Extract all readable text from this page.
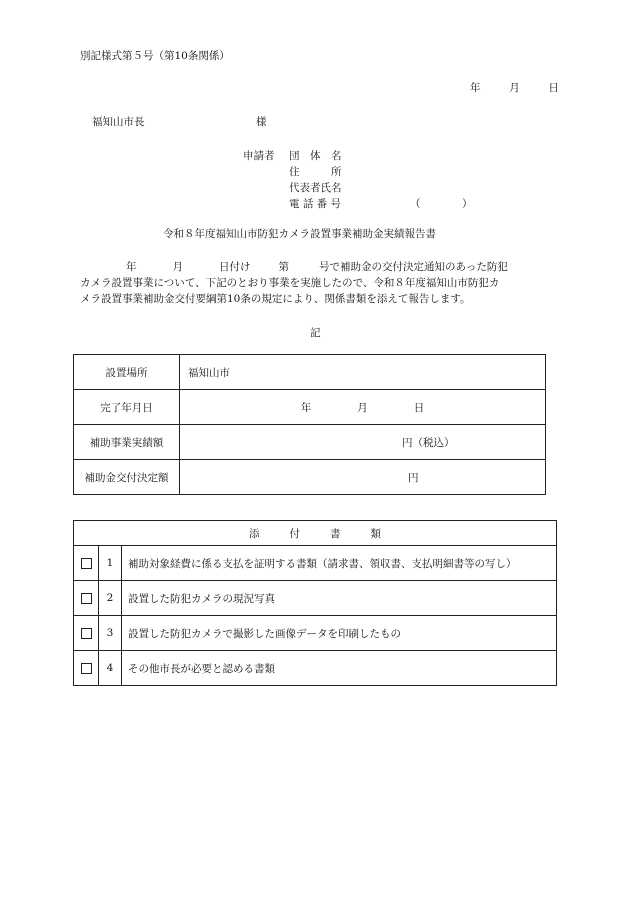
別記様式第５号（第10条関係）
年	月	日
福知山市長	様
申請者 団　体　名
住　　　所
代表者氏名
電 話 番 号	（	）
令和８年度福知山市防犯カメラ設置事業補助金実績報告書
年	月	日付け	第	号で補助金の交付決定通知のあった防犯
カメラ設置事業について、下記のとおり事業を実施したので、令和８年度福知山市防犯カ
メラ設置事業補助金交付要綱第10条の規定により、関係書類を添えて報告します。
記
設置場所	福知山市
完了年月日	年 月 日
補助事業実績額	円（税込）
補助金交付決定額	円
添 付 書 類		
	1	補助対象経費に係る支払を証明する書類（請求書、領収書、支払明細書等の写し）
	2	設置した防犯カメラの現況写真
	3	設置した防犯カメラで撮影した画像データを印刷したもの
	4	その他市長が必要と認める書類
